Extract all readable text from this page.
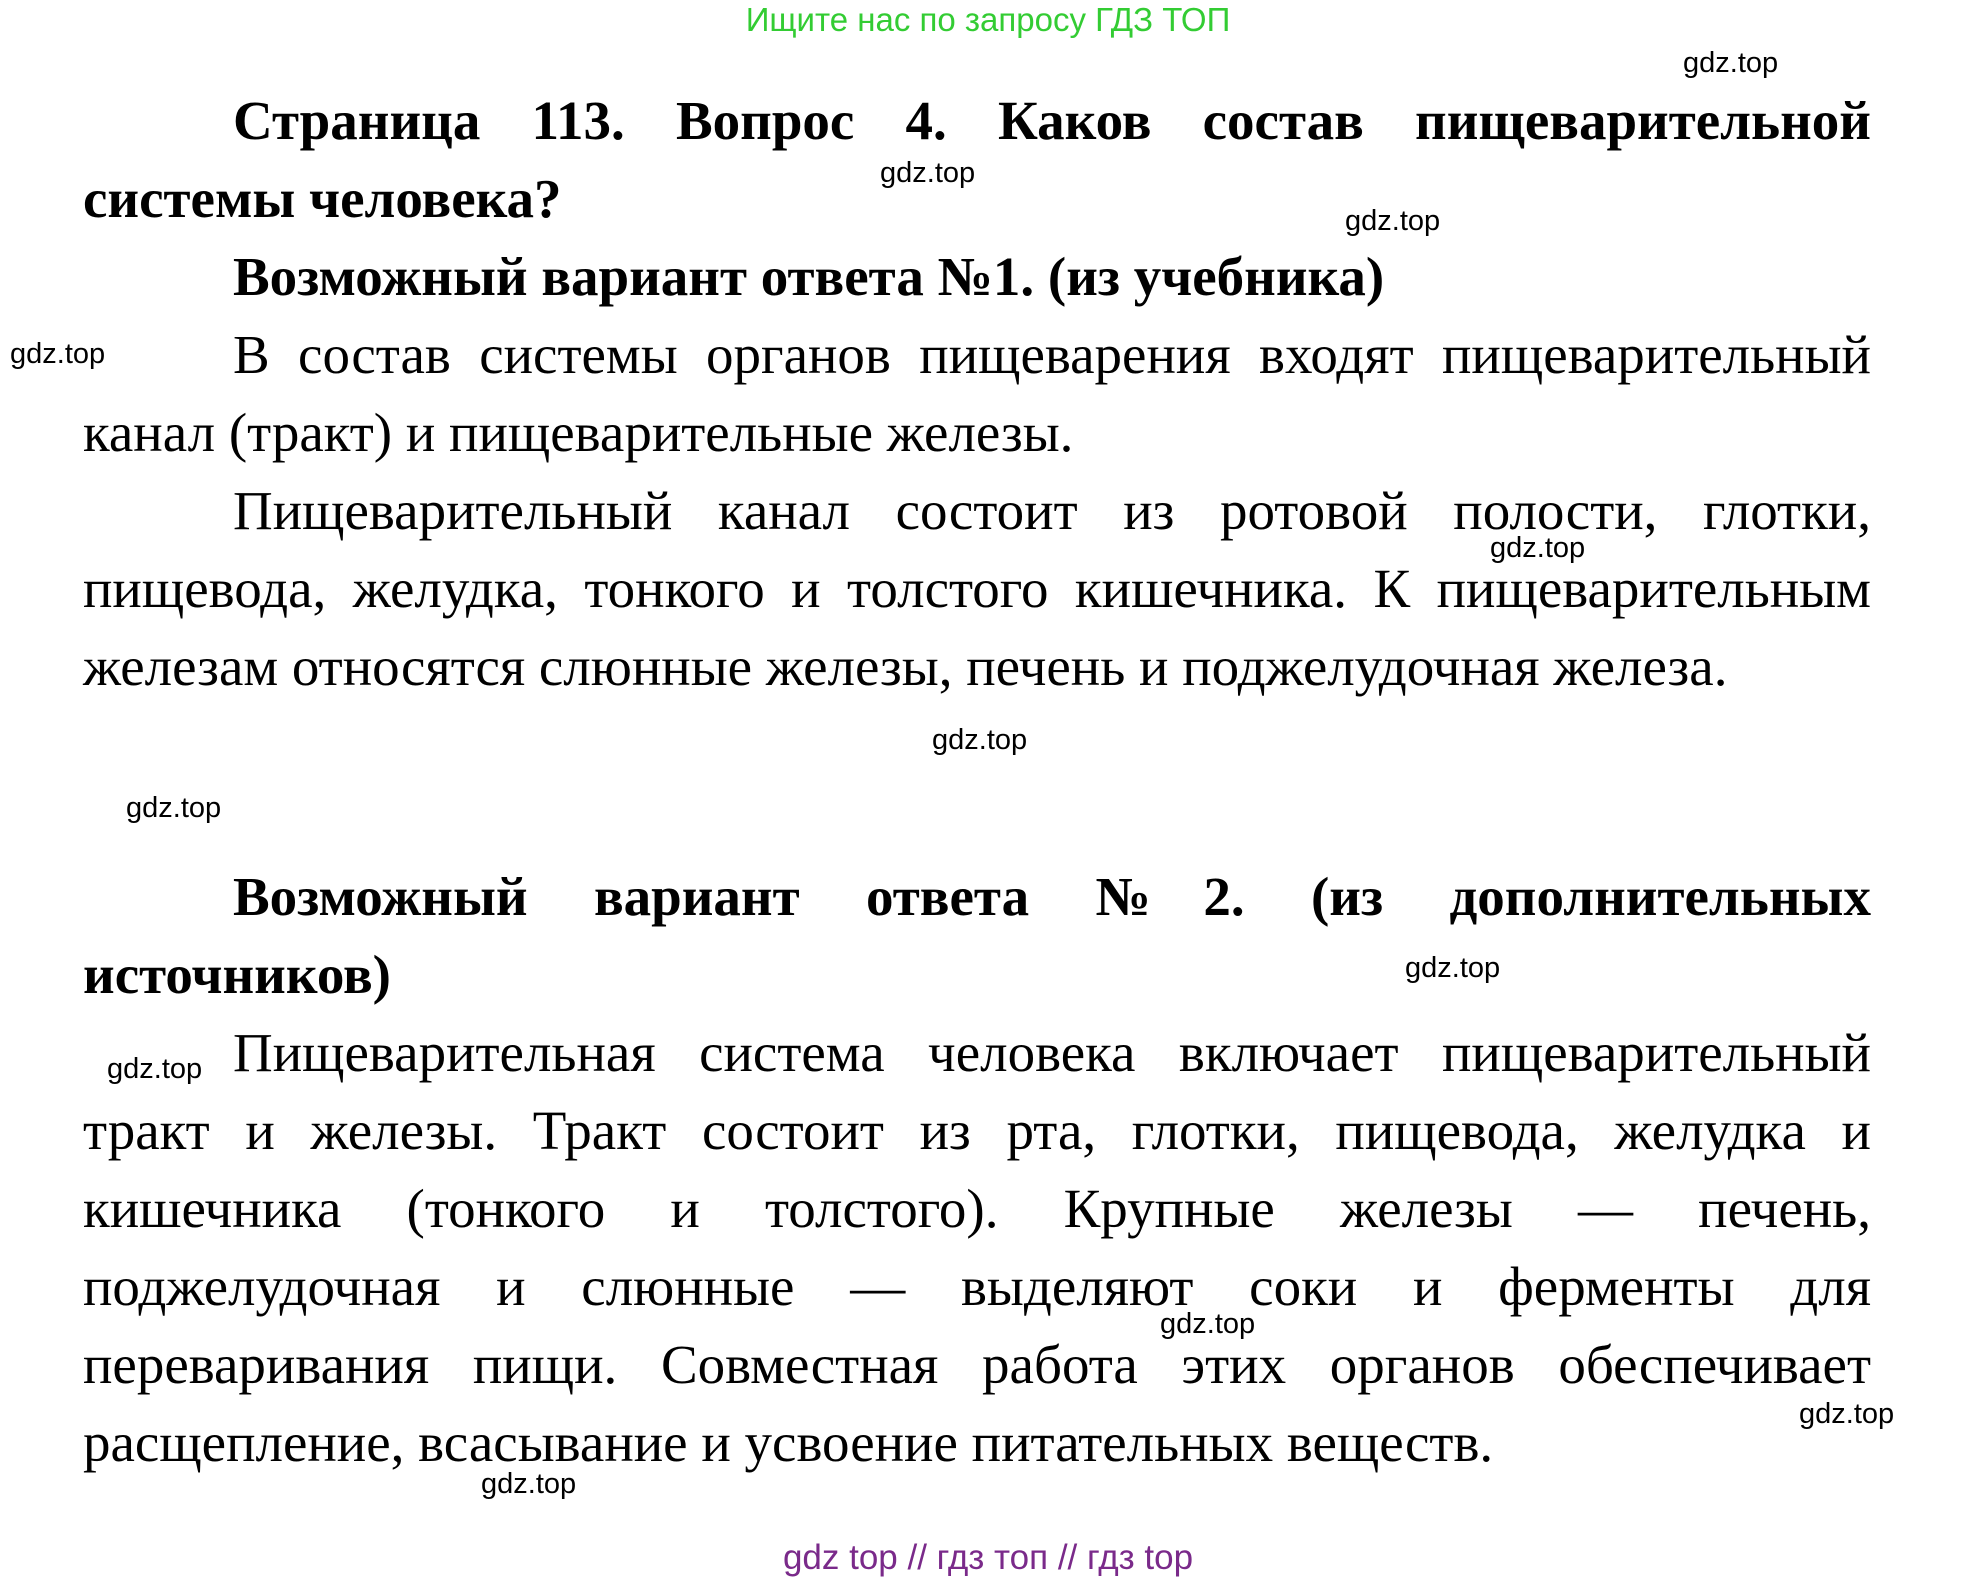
Ищите нас по запросу ГДЗ ТОП

Страница 113. Вопрос 4. Каков состав пищеварительной системы человека?

Возможный вариант ответа №1. (из учебника)

В состав системы органов пищеварения входят пищеварительный канал (тракт) и пищеварительные железы.

Пищеварительный канал состоит из ротовой полости, глотки, пищевода, желудка, тонкого и толстого кишечника. К пищеварительным железам относятся слюнные железы, печень и поджелудочная железа.

Возможный вариант ответа №2. (из дополнительных источников)

Пищеварительная система человека включает пищеварительный тракт и железы. Тракт состоит из рта, глотки, пищевода, желудка и кишечника (тонкого и толстого). Крупные железы — печень, поджелудочная и слюнные — выделяют соки и ферменты для переваривания пищи. Совместная работа этих органов обеспечивает расщепление, всасывание и усвоение питательных веществ.

gdz.top
gdz.top
gdz.top
gdz.top
gdz.top
gdz.top
gdz.top
gdz.top
gdz.top
gdz.top
gdz.top
gdz.top
gdz top // гдз топ // гдз top
